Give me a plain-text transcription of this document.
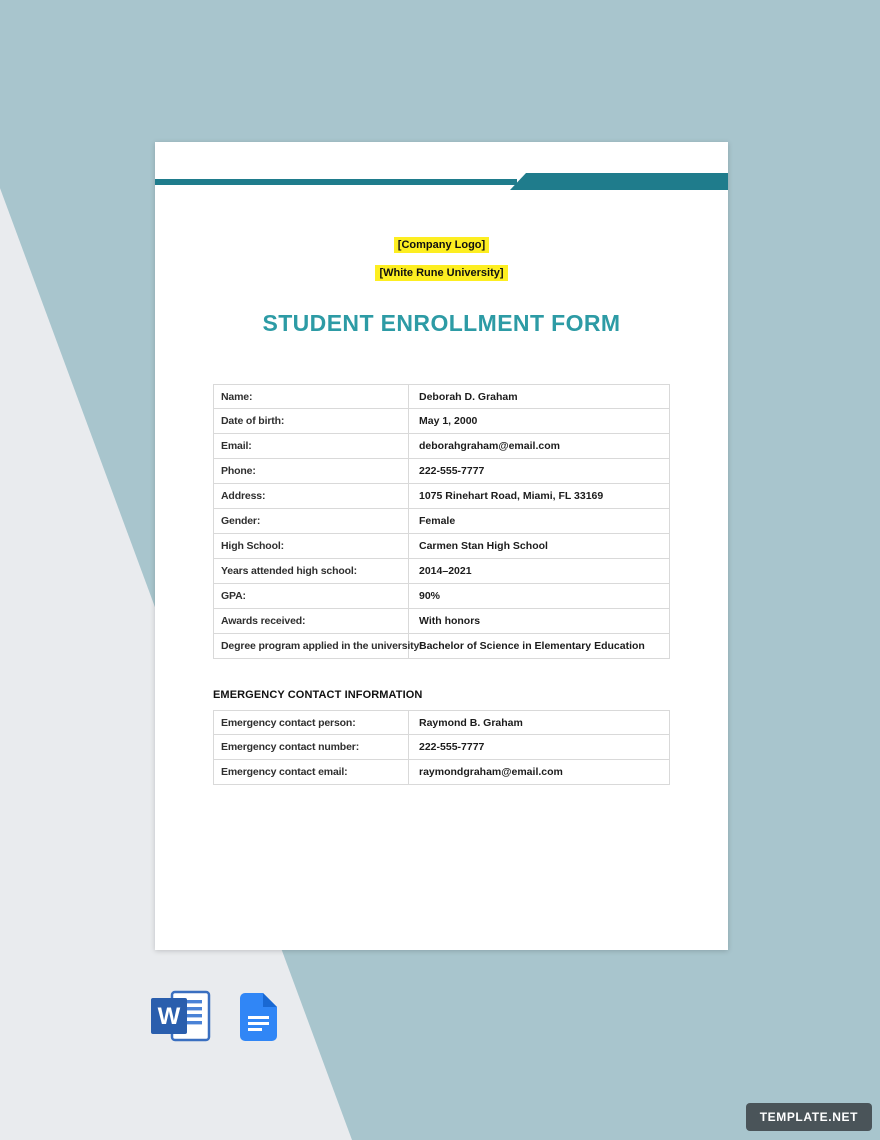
[Company Logo]
[White Rune University]
STUDENT ENROLLMENT FORM
Name:	Deborah D. Graham
Date of birth:	May 1, 2000
Email:	deborahgraham@email.com
Phone:	222-555-7777
Address:	1075 Rinehart Road, Miami, FL 33169
Gender:	Female
High School:	Carmen Stan High School
Years attended high school:	2014–2021
GPA:	90%
Awards received:	With honors
Degree program applied in the university:
Bachelor of Science in Elementary Education
EMERGENCY CONTACT INFORMATION
Emergency contact person:	Raymond B. Graham
Emergency contact number:	222-555-7777
Emergency contact email:	raymondgraham@email.com
W
TEMPLATE.NET
